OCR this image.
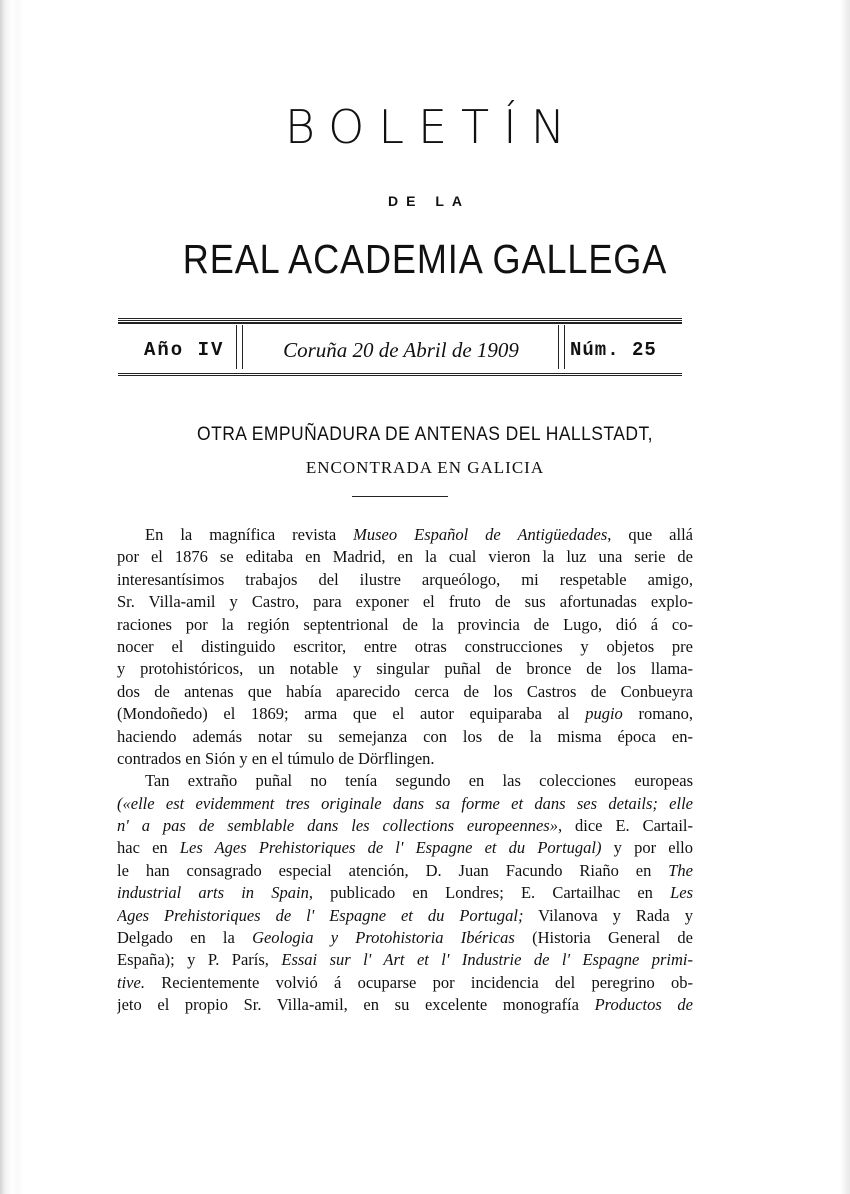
BOLETÍN
DE LA
REAL ACADEMIA GALLEGA
Año IV	Coruña 20 de Abril de 1909	Núm. 25
OTRA EMPUÑADURA DE ANTENAS DEL HALLSTADT,
ENCONTRADA EN GALICIA
En la magnífica revista Museo Español de Antigüedades, que allá
por el 1876 se editaba en Madrid, en la cual vieron la luz una serie de
interesantísimos trabajos del ilustre arqueólogo, mi respetable amigo,
Sr. Villa-amil y Castro, para exponer el fruto de sus afortunadas explo-
raciones por la región septentrional de la provincia de Lugo, dió á co-
nocer el distinguido escritor, entre otras construcciones y objetos pre
y protohistóricos, un notable y singular puñal de bronce de los llama-
dos de antenas que había aparecido cerca de los Castros de Conbueyra
(Mondoñedo) el 1869; arma que el autor equiparaba al pugio romano,
haciendo además notar su semejanza con los de la misma época en-
contrados en Sión y en el túmulo de Dörflingen.
Tan extraño puñal no tenía segundo en las colecciones europeas
(«elle est evidemment tres originale dans sa forme et dans ses details; elle
n' a pas de semblable dans les collections europeennes», dice E. Cartail-
hac en Les Ages Prehistoriques de l' Espagne et du Portugal) y por ello
le han consagrado especial atención, D. Juan Facundo Riaño en The
industrial arts in Spain, publicado en Londres; E. Cartailhac en Les
Ages Prehistoriques de l' Espagne et du Portugal; Vilanova y Rada y
Delgado en la Geologia y Protohistoria Ibéricas (Historia General de
España); y P. París, Essai sur l' Art et l' Industrie de l' Espagne primi-
tive. Recientemente volvió á ocuparse por incidencia del peregrino ob-
jeto el propio Sr. Villa-amil, en su excelente monografía Productos de
